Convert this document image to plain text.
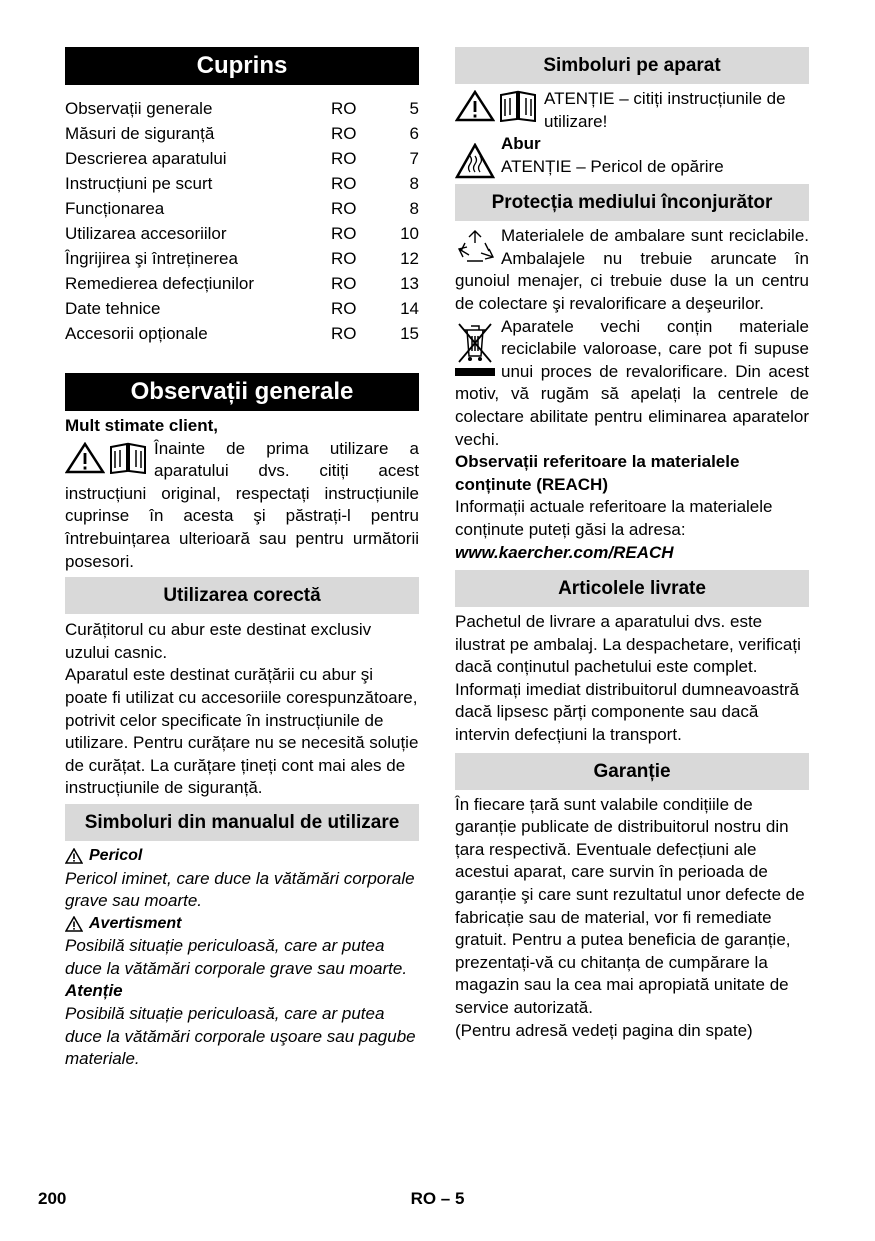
Cuprins
Observații generale	RO	5
Măsuri de siguranță	RO	6
Descrierea aparatului	RO	7
Instrucțiuni pe scurt	RO	8
Funcționarea	RO	8
Utilizarea accesoriilor	RO	10
Îngrijirea şi întreținerea	RO	12
Remedierea defecțiunilor	RO	13
Date tehnice	RO	14
Accesorii opționale	RO	15
Observații generale

Mult stimate client,

Înainte de prima utilizare a aparatului dvs. citiți acest instrucțiuni original, respectați instrucțiunile cuprinse în acesta şi păstrați-l pentru întrebuințarea ulterioară sau pentru următorii posesori.

Utilizarea corectă

Curățitorul cu abur este destinat exclusiv uzului casnic.

Aparatul este destinat curățării cu abur şi poate fi utilizat cu accesoriile corespunzătoare, potrivit celor specificate în instrucțiunile de utilizare. Pentru curățare nu se necesită soluție de curățat. La curățare țineți cont mai ales de instrucțiunile de siguranță.

Simboluri din manualul de utilizare
Pericol

Pericol iminet, care duce la vătămări corporale grave sau moarte.

Avertisment

Posibilă situație periculoasă, care ar putea duce la vătămări corporale grave sau moarte.

Atenție

Posibilă situație periculoasă, care ar putea duce la vătămări corporale uşoare sau pagube materiale.

Simboluri pe aparat

ATENȚIE – citiți instrucțiunile de utilizare!

Abur

ATENȚIE – Pericol de opărire

Protecția mediului înconjurător

Materialele de ambalare sunt reciclabile. Ambalajele nu trebuie aruncate în gunoiul menajer, ci trebuie duse la un centru de colectare şi revalorificare a deşeurilor.

Aparatele vechi conțin materiale reciclabile valoroase, care pot fi supuse unui proces de revalorificare. Din acest motiv, vă rugăm să apelați la centrele de colectare abilitate pentru eliminarea aparatelor vechi.

Observații referitoare la materialele conținute (REACH)

Informații actuale referitoare la materialele conținute puteți găsi la adresa:

www.kaercher.com/REACH

Articolele livrate

Pachetul de livrare a aparatului dvs. este ilustrat pe ambalaj. La despachetare, verificați dacă conținutul pachetului este complet.

Informați imediat distribuitorul dumneavoastră dacă lipsesc părți componente sau dacă intervin defecțiuni la transport.

Garanție

În fiecare țară sunt valabile condițiile de garanție publicate de distribuitorul nostru din țara respectivă. Eventuale defecțiuni ale acestui aparat, care survin în perioada de garanție şi care sunt rezultatul unor defecte de fabricație sau de material, vor fi remediate gratuit. Pentru a putea beneficia de garanție, prezentați-vă cu chitanța de cumpărare la magazin sau la cea mai apropiată unitate de service autorizată.

(Pentru adresă vedeți pagina din spate)

200	RO – 5
